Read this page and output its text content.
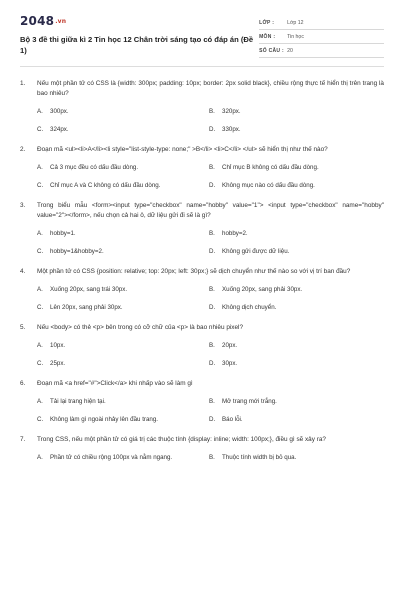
2048.vn
Bộ 3 đề thi giữa kì 2 Tin học 12 Chân trời sáng tạo có đáp án (Đề 1)
LỚP :	Lớp 12
MÔN :	Tin học
SỐ CÂU : 20
1.	Nếu một phần tử có CSS là {width: 300px; padding: 10px; border: 2px solid black}, chiều rộng thực tế hiển thị trên trang là bao nhiêu?
A.	300px.	B.	320px.
C.	324px.	D.	330px.
2.	Đoạn mã <ul><li>A</li><li style="list-style-type: none;" >B</li> <li>C</li> </ul> sẽ hiển thị như thế nào?
A.	Cả 3 mục đều có dấu đầu dòng.	B.	Chỉ mục B không có dấu đầu dòng.
C.	Chỉ mục A và C không có dấu đầu dòng.	D.	Không mục nào có dấu đầu dòng.
3.	Trong biểu mẫu <form><input type="checkbox" name="hobby" value="1"> <input type="checkbox" name="hobby" value="2"></form>, nếu chọn cả hai ô, dữ liệu gửi đi sẽ là gì?
A.	hobby=1.	B.	hobby=2.
C.	hobby=1&hobby=2.	D.	Không gửi được dữ liệu.
4.	Một phần tử có CSS {position: relative; top: 20px; left: 30px;} sẽ dịch chuyển như thế nào so với vị trí ban đầu?
A.	Xuống 20px, sang trái 30px.	B.	Xuống 20px, sang phải 30px.
C.	Lên 20px, sang phải 30px.	D.	Không dịch chuyển.
5.	Nếu <body> có thẻ <p> bên trong có cỡ chữ của <p> là bao nhiêu pixel?
A.	10px.	B.	20px.
C.	25px.	D.	30px.
6.	Đoạn mã <a href="#">Click</a> khi nhấp vào sẽ làm gì
A.	Tải lại trang hiện tại.	B.	Mở trang mới trắng.
C.	Không làm gì ngoài nhảy lên đầu trang.	D.	Báo lỗi.
7.	Trong CSS, nếu một phần tử có giá trị các thuộc tính {display: inline; width: 100px;}, điều gì sẽ xảy ra?
A.	Phần tử có chiều rộng 100px và nằm ngang.	B.	Thuộc tính width bị bỏ qua.
